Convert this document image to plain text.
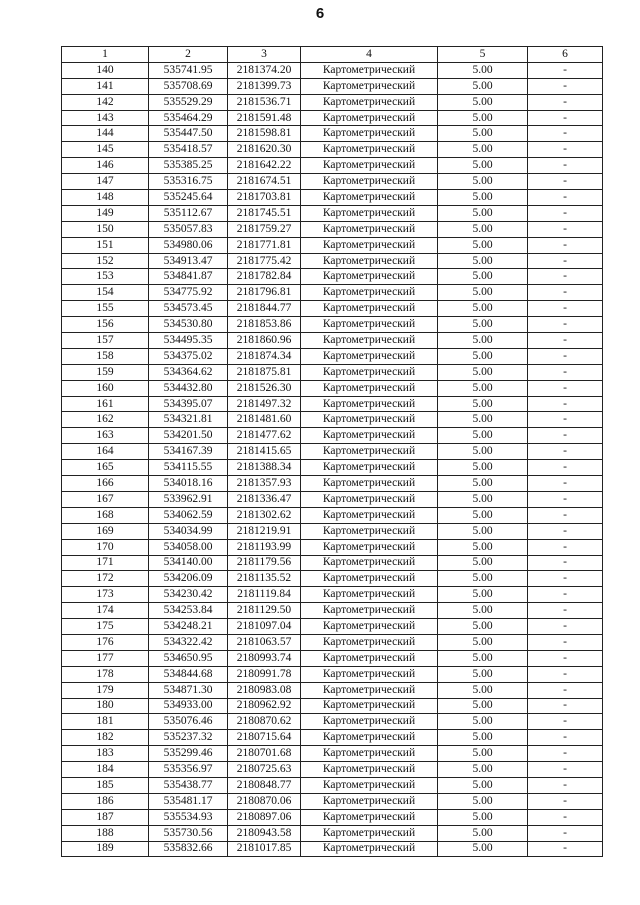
6
1	2	3	4	5	6
140	535741.95	2181374.20	Картометрический	5.00	-
141	535708.69	2181399.73	Картометрический	5.00	-
142	535529.29	2181536.71	Картометрический	5.00	-
143	535464.29	2181591.48	Картометрический	5.00	-
144	535447.50	2181598.81	Картометрический	5.00	-
145	535418.57	2181620.30	Картометрический	5.00	-
146	535385.25	2181642.22	Картометрический	5.00	-
147	535316.75	2181674.51	Картометрический	5.00	-
148	535245.64	2181703.81	Картометрический	5.00	-
149	535112.67	2181745.51	Картометрический	5.00	-
150	535057.83	2181759.27	Картометрический	5.00	-
151	534980.06	2181771.81	Картометрический	5.00	-
152	534913.47	2181775.42	Картометрический	5.00	-
153	534841.87	2181782.84	Картометрический	5.00	-
154	534775.92	2181796.81	Картометрический	5.00	-
155	534573.45	2181844.77	Картометрический	5.00	-
156	534530.80	2181853.86	Картометрический	5.00	-
157	534495.35	2181860.96	Картометрический	5.00	-
158	534375.02	2181874.34	Картометрический	5.00	-
159	534364.62	2181875.81	Картометрический	5.00	-
160	534432.80	2181526.30	Картометрический	5.00	-
161	534395.07	2181497.32	Картометрический	5.00	-
162	534321.81	2181481.60	Картометрический	5.00	-
163	534201.50	2181477.62	Картометрический	5.00	-
164	534167.39	2181415.65	Картометрический	5.00	-
165	534115.55	2181388.34	Картометрический	5.00	-
166	534018.16	2181357.93	Картометрический	5.00	-
167	533962.91	2181336.47	Картометрический	5.00	-
168	534062.59	2181302.62	Картометрический	5.00	-
169	534034.99	2181219.91	Картометрический	5.00	-
170	534058.00	2181193.99	Картометрический	5.00	-
171	534140.00	2181179.56	Картометрический	5.00	-
172	534206.09	2181135.52	Картометрический	5.00	-
173	534230.42	2181119.84	Картометрический	5.00	-
174	534253.84	2181129.50	Картометрический	5.00	-
175	534248.21	2181097.04	Картометрический	5.00	-
176	534322.42	2181063.57	Картометрический	5.00	-
177	534650.95	2180993.74	Картометрический	5.00	-
178	534844.68	2180991.78	Картометрический	5.00	-
179	534871.30	2180983.08	Картометрический	5.00	-
180	534933.00	2180962.92	Картометрический	5.00	-
181	535076.46	2180870.62	Картометрический	5.00	-
182	535237.32	2180715.64	Картометрический	5.00	-
183	535299.46	2180701.68	Картометрический	5.00	-
184	535356.97	2180725.63	Картометрический	5.00	-
185	535438.77	2180848.77	Картометрический	5.00	-
186	535481.17	2180870.06	Картометрический	5.00	-
187	535534.93	2180897.06	Картометрический	5.00	-
188	535730.56	2180943.58	Картометрический	5.00	-
189	535832.66	2181017.85	Картометрический	5.00	-
